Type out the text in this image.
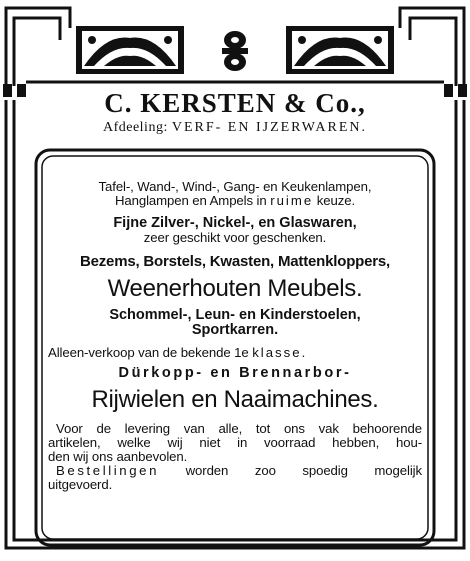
C. KERSTEN & Co.,
Afdeeling: VERF- EN IJZERWAREN.
Tafel-, Wand-, Wind-, Gang- en Keukenlampen,
Hanglampen en Ampels in ruime keuze.
Fijne Zilver-, Nickel-, en Glaswaren,
zeer geschikt voor geschenken.
Bezems, Borstels, Kwasten, Mattenkloppers,
Weenerhouten Meubels.
Schommel-, Leun- en Kinderstoelen,
Sportkarren.
Alleen-verkoop van de bekende 1e klasse.
Dürkopp- en Brennarbor-
Rijwielen en Naaimachines.
Voor de levering van alle, tot ons vak behoorende
artikelen, welke wij niet in voorraad hebben, hou-
den wij ons aanbevolen.
Bestellingen worden zoo spoedig mogelijk
uitgevoerd.
